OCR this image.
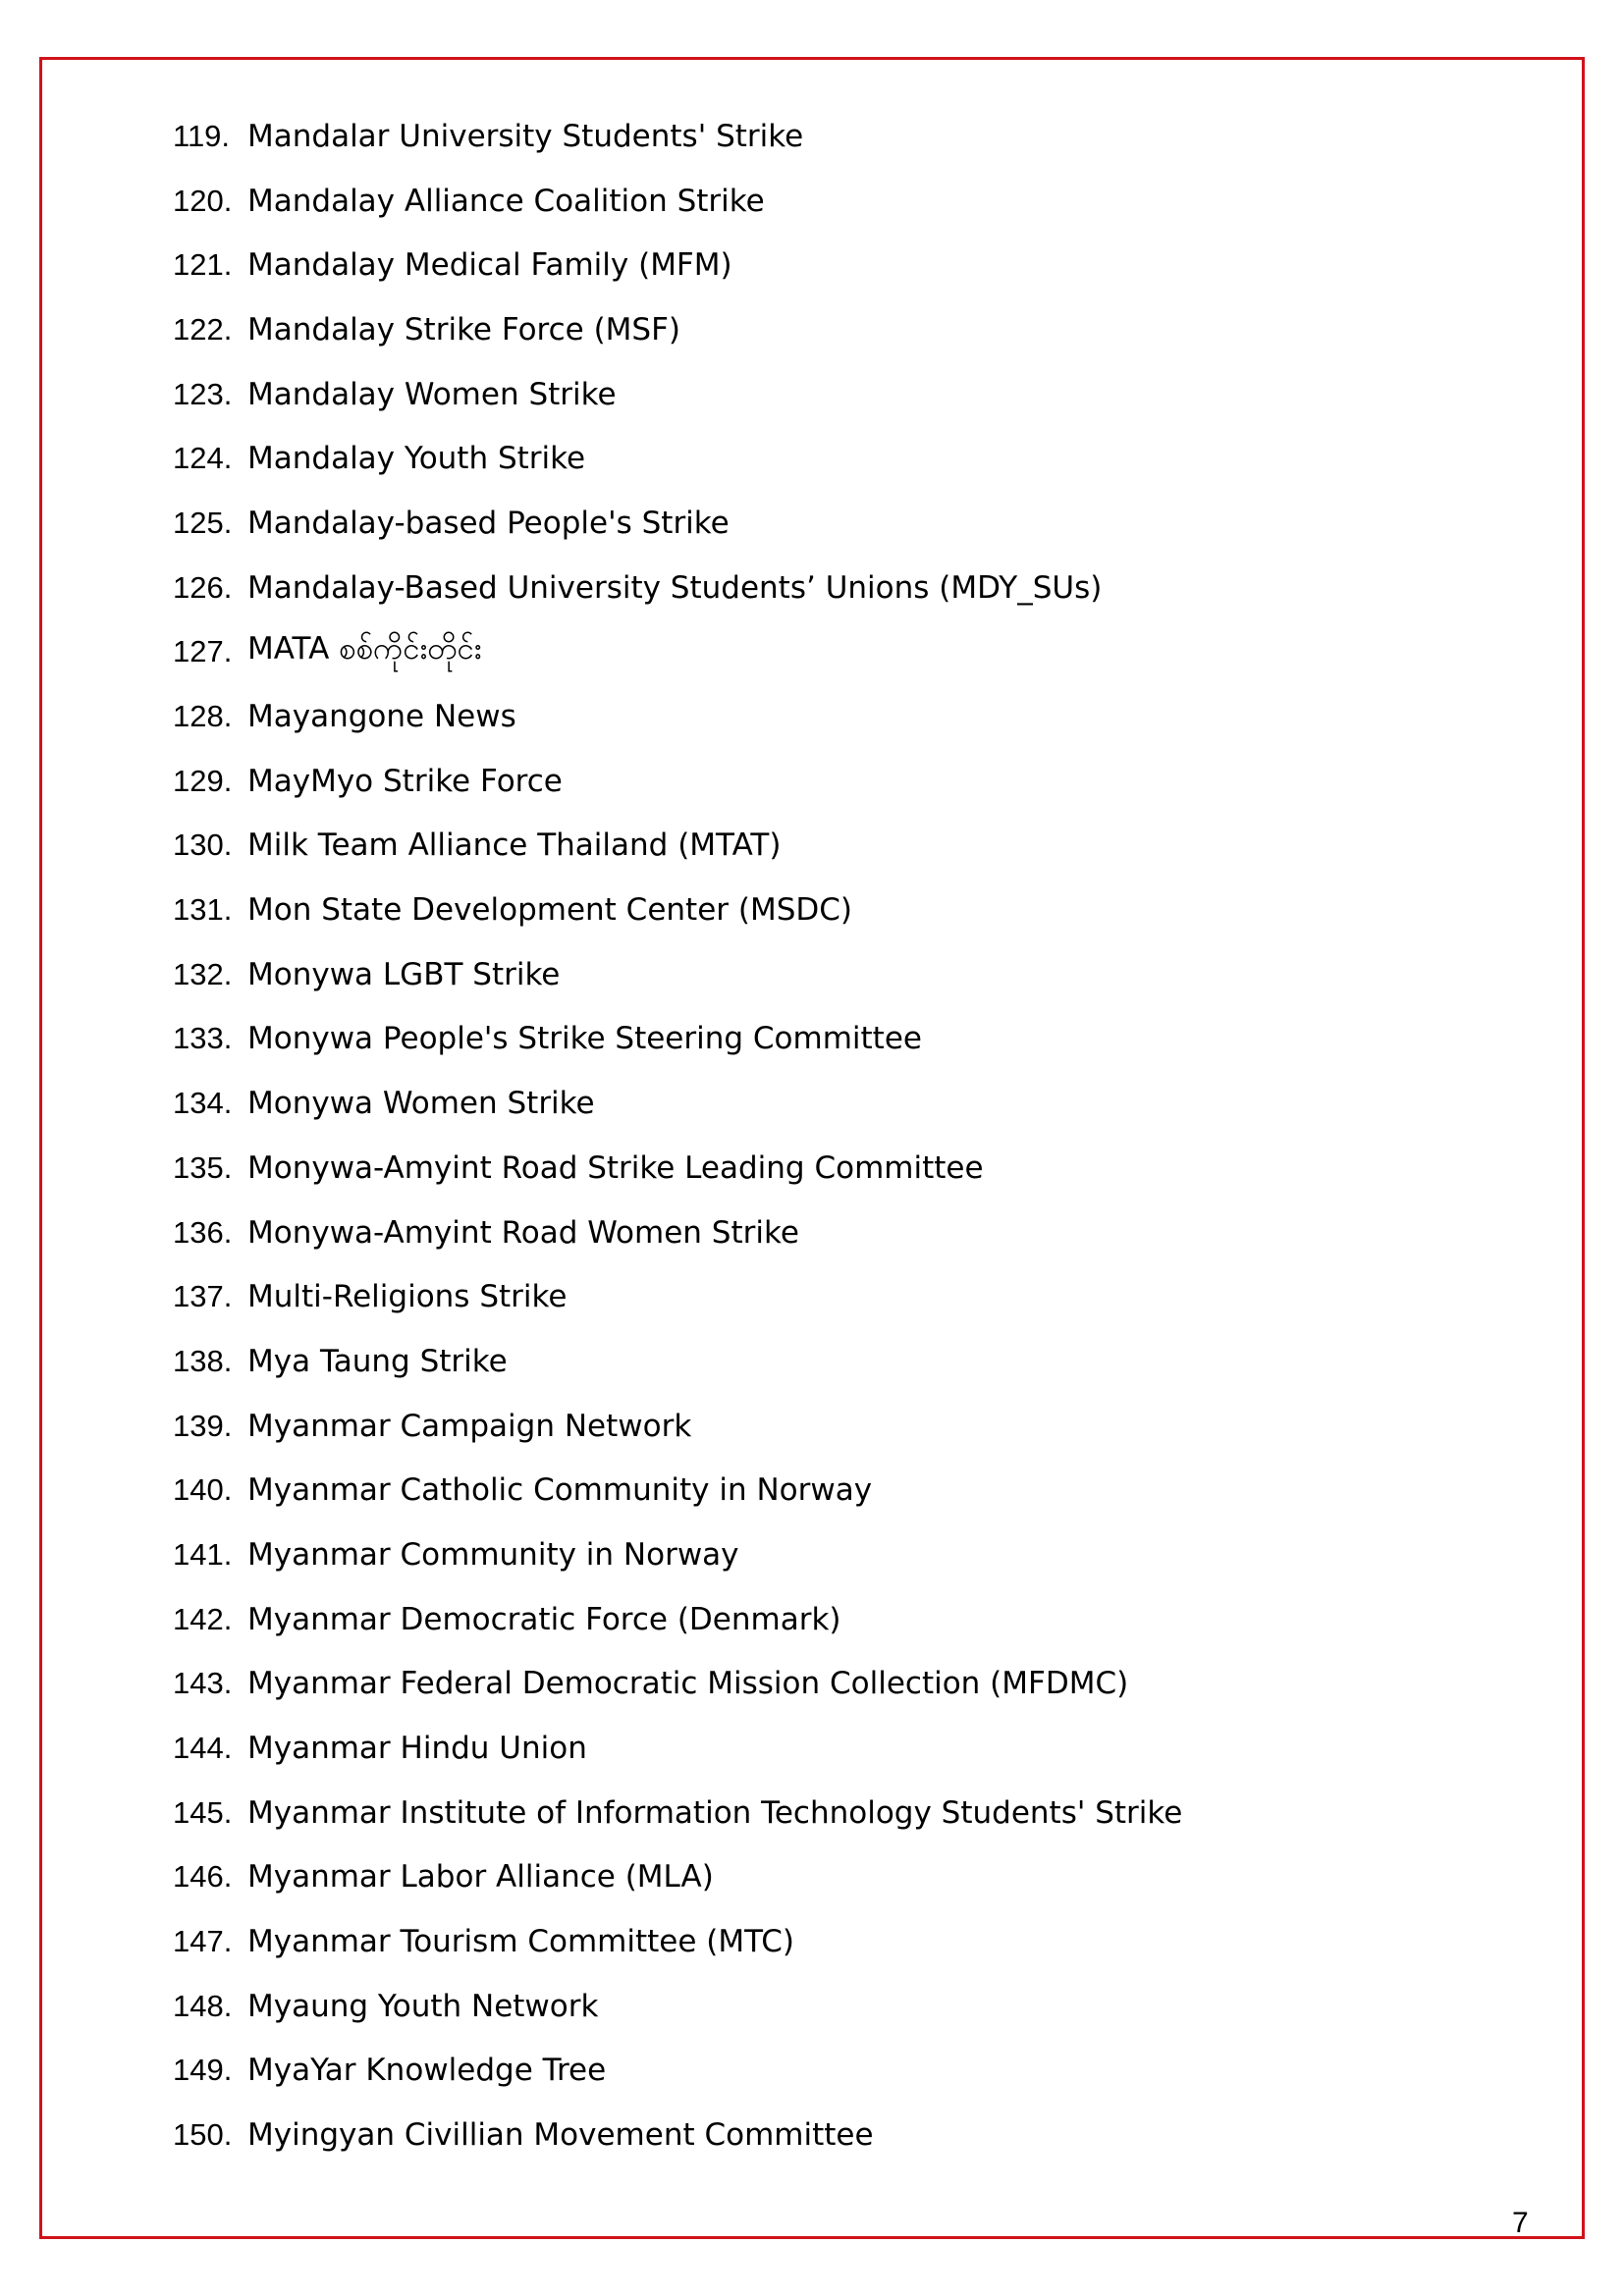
119. Mandalar University Students' Strike
120. Mandalay Alliance Coalition Strike
121. Mandalay Medical Family (MFM)
122. Mandalay Strike Force (MSF)
123. Mandalay Women Strike
124. Mandalay Youth Strike
125. Mandalay-based People's Strike
126. Mandalay-Based University Students’ Unions (MDY_SUs)
127. MATA စစ်ကိုင်းတိုင်း
128. Mayangone News
129. MayMyo Strike Force
130. Milk Team Alliance Thailand (MTAT)
131. Mon State Development Center (MSDC)
132. Monywa LGBT Strike
133. Monywa People's Strike Steering Committee
134. Monywa Women Strike
135. Monywa-Amyint Road Strike Leading Committee
136. Monywa-Amyint Road Women Strike
137. Multi-Religions Strike
138. Mya Taung Strike
139. Myanmar Campaign Network
140. Myanmar Catholic Community in Norway
141. Myanmar Community in Norway
142. Myanmar Democratic Force (Denmark)
143. Myanmar Federal Democratic Mission Collection (MFDMC)
144. Myanmar Hindu Union
145. Myanmar Institute of Information Technology Students' Strike
146. Myanmar Labor Alliance (MLA)
147. Myanmar Tourism Committee (MTC)
148. Myaung Youth Network
149. MyaYar Knowledge Tree
150. Myingyan Civillian Movement Committee
7
